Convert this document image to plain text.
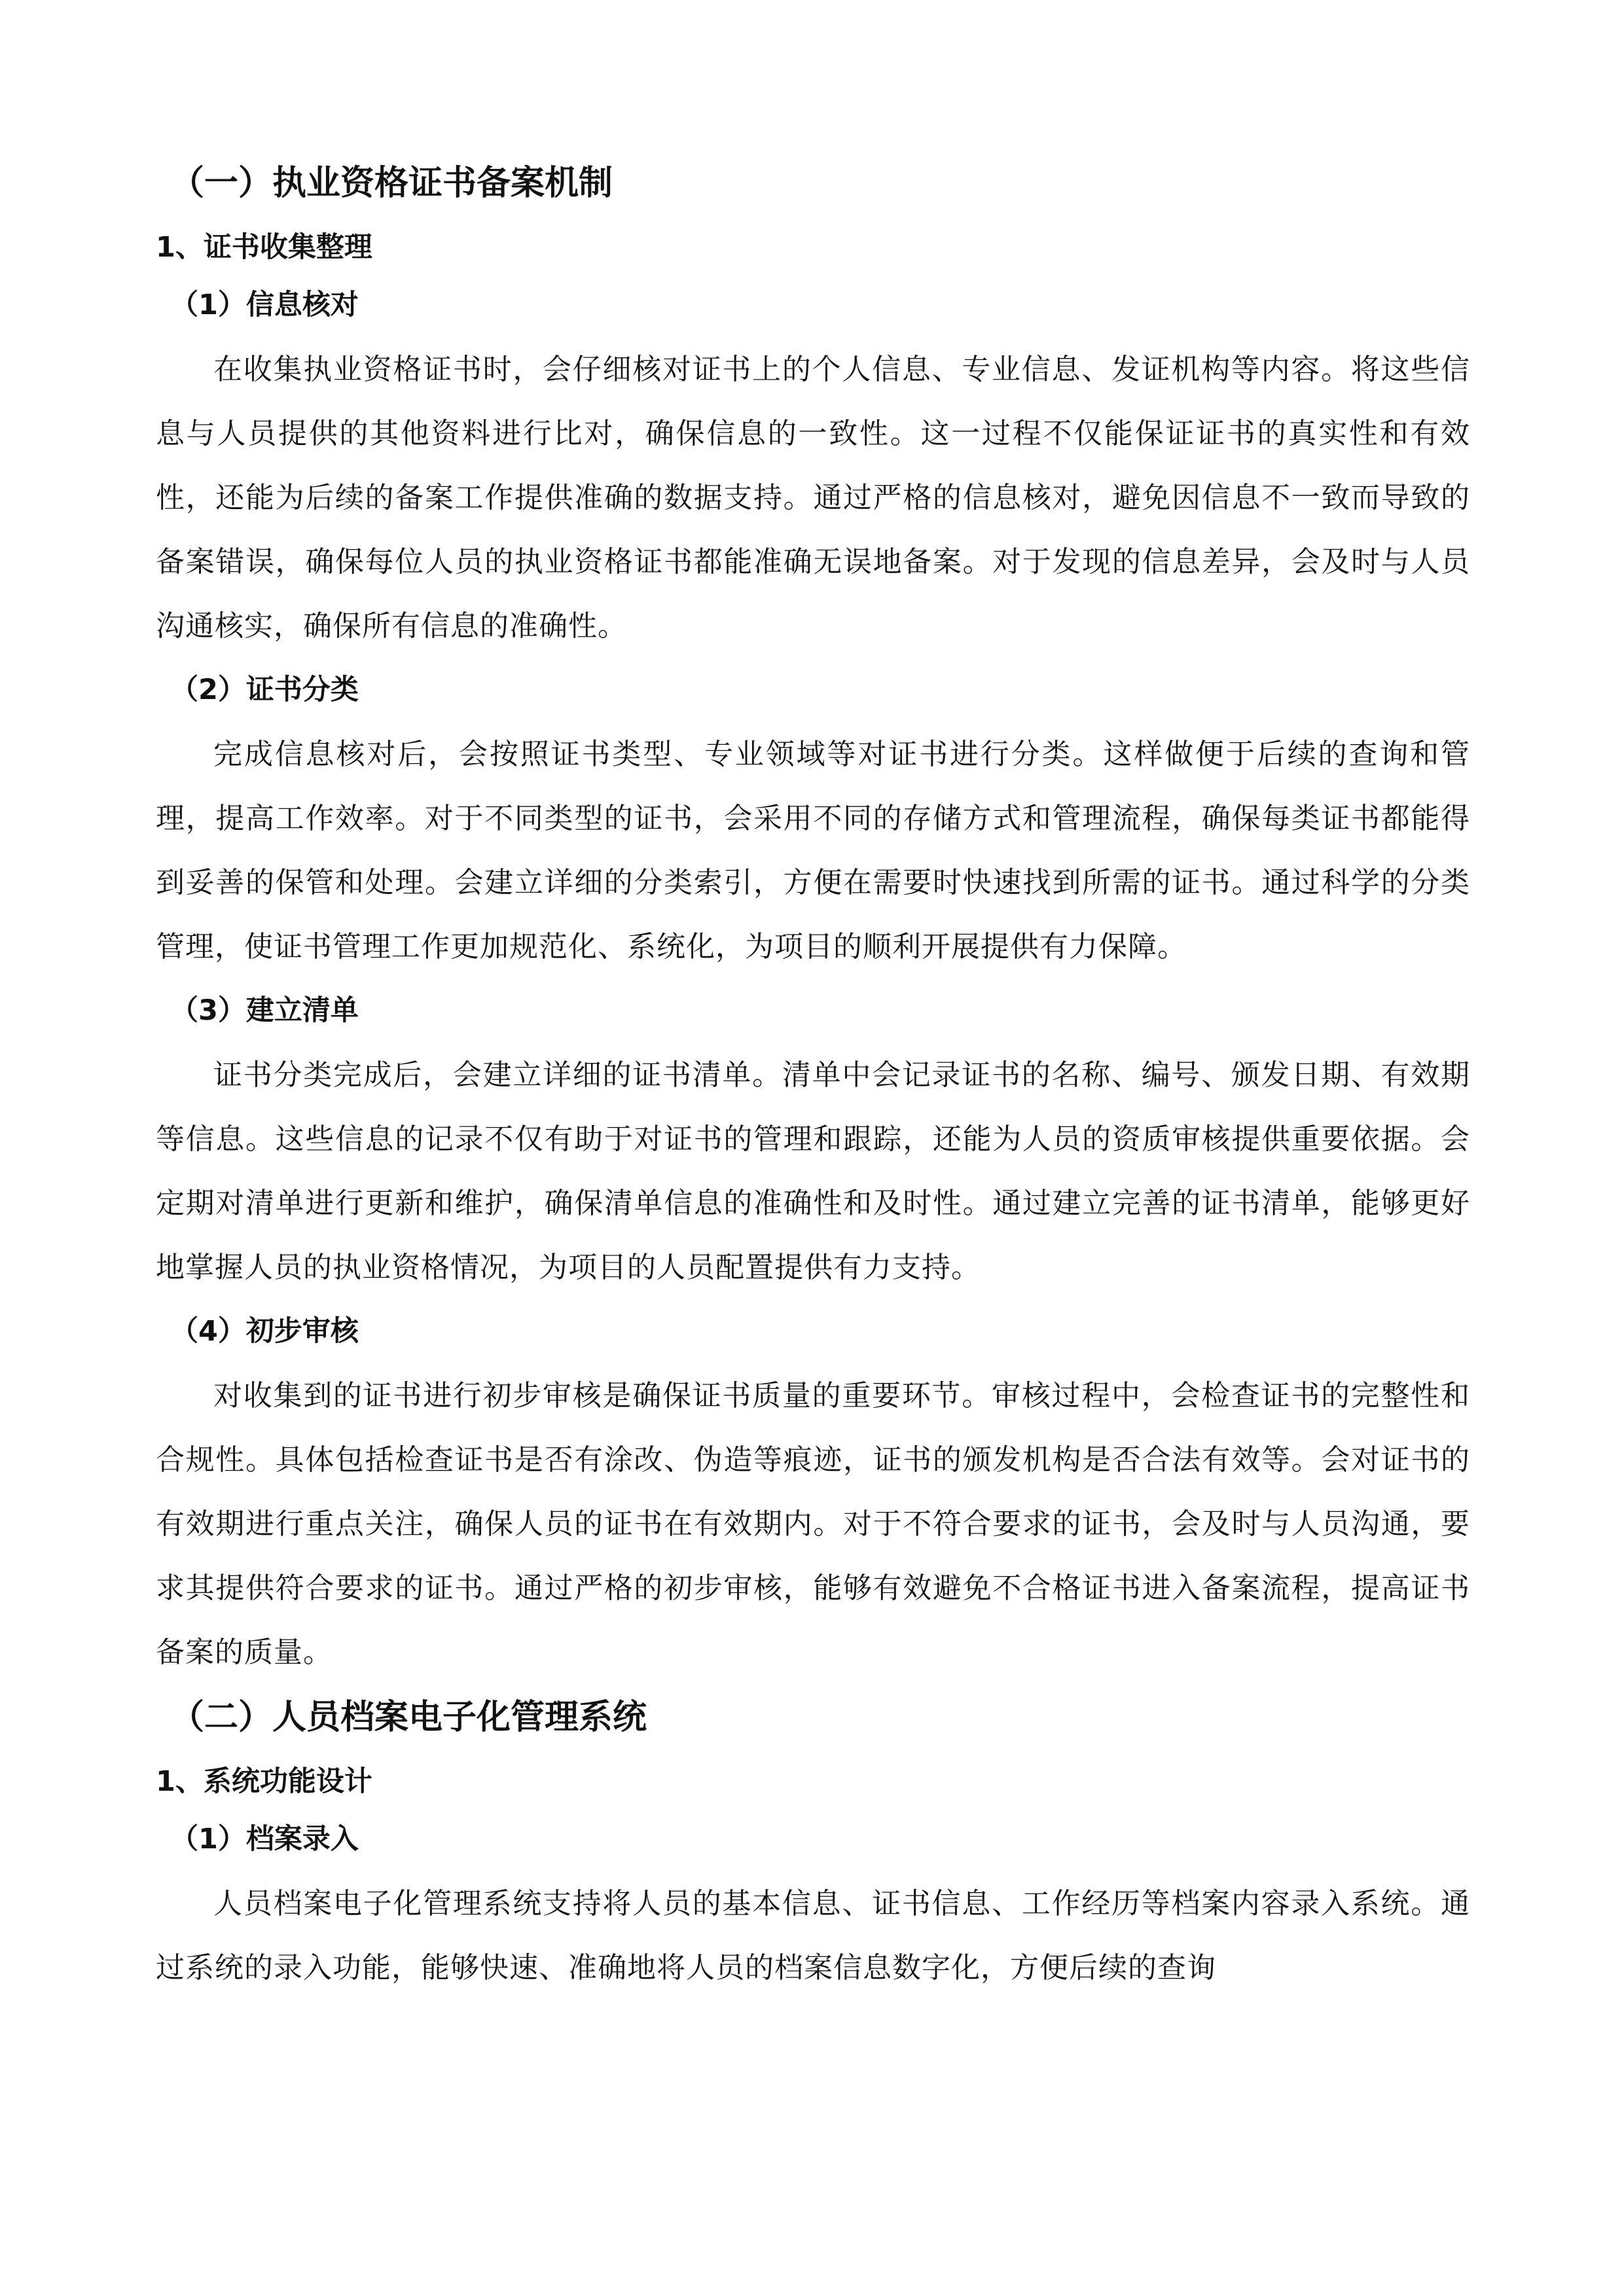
（一）执业资格证书备案机制
1、证书收集整理
（1）信息核对

在收集执业资格证书时，会仔细核对证书上的个人信息、专业信息、发证机构等内容。将这些信息与人员提供的其他资料进行比对，确保信息的一致性。这一过程不仅能保证证书的真实性和有效性，还能为后续的备案工作提供准确的数据支持。通过严格的信息核对，避免因信息不一致而导致的备案错误，确保每位人员的执业资格证书都能准确无误地备案。对于发现的信息差异，会及时与人员沟通核实，确保所有信息的准确性。

（2）证书分类

完成信息核对后，会按照证书类型、专业领域等对证书进行分类。这样做便于后续的查询和管理，提高工作效率。对于不同类型的证书，会采用不同的存储方式和管理流程，确保每类证书都能得到妥善的保管和处理。会建立详细的分类索引，方便在需要时快速找到所需的证书。通过科学的分类管理，使证书管理工作更加规范化、系统化，为项目的顺利开展提供有力保障。

（3）建立清单

证书分类完成后，会建立详细的证书清单。清单中会记录证书的名称、编号、颁发日期、有效期等信息。这些信息的记录不仅有助于对证书的管理和跟踪，还能为人员的资质审核提供重要依据。会定期对清单进行更新和维护，确保清单信息的准确性和及时性。通过建立完善的证书清单，能够更好地掌握人员的执业资格情况，为项目的人员配置提供有力支持。

（4）初步审核

对收集到的证书进行初步审核是确保证书质量的重要环节。审核过程中，会检查证书的完整性和合规性。具体包括检查证书是否有涂改、伪造等痕迹，证书的颁发机构是否合法有效等。会对证书的有效期进行重点关注，确保人员的证书在有效期内。对于不符合要求的证书，会及时与人员沟通，要求其提供符合要求的证书。通过严格的初步审核，能够有效避免不合格证书进入备案流程，提高证书备案的质量。

（二）人员档案电子化管理系统
1、系统功能设计
（1）档案录入

人员档案电子化管理系统支持将人员的基本信息、证书信息、工作经历等档案内容录入系统。通过系统的录入功能，能够快速、准确地将人员的档案信息数字化，方便后续的查询
